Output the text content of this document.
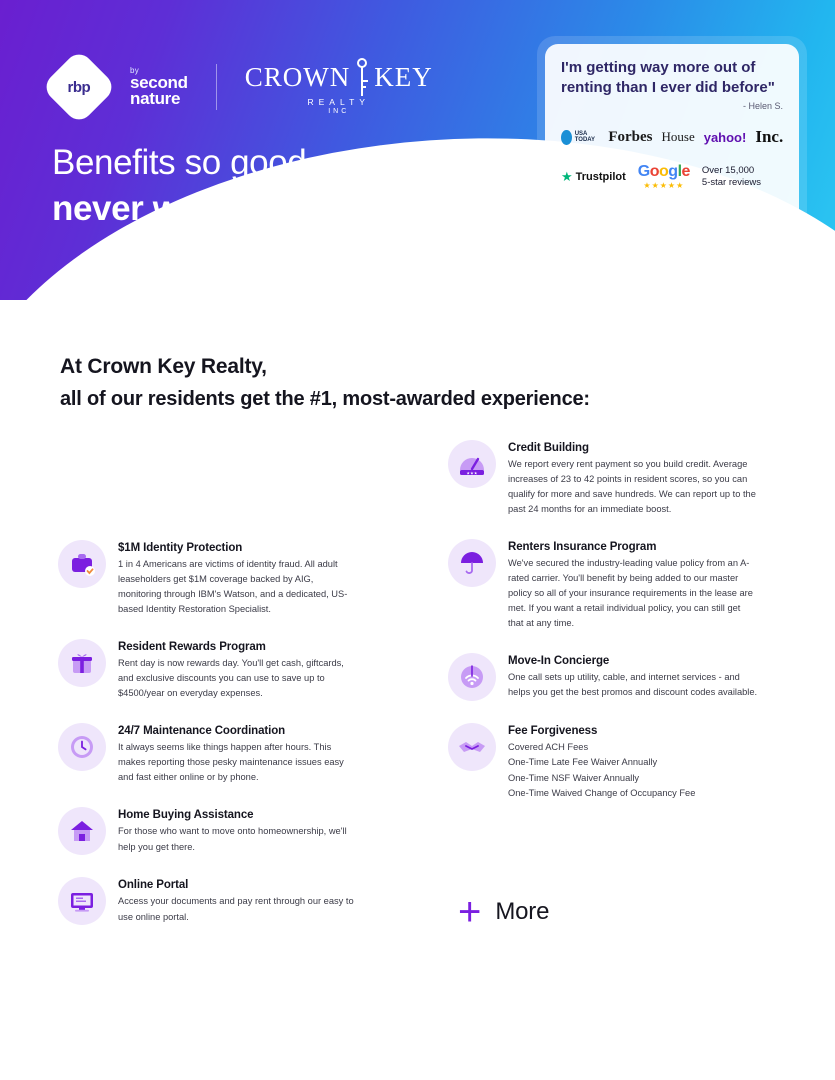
rbp
by
second
nature
CROWN KEY
REALTY
INC
Benefits so good, you may
never want to leave.
I'm getting way more out of renting than I ever did before"
- Helen S.
USA TODAY Forbes House yahoo! Inc.
★ Trustpilot Google
★★★★★
Over 15,000
5-star reviews
At Crown Key Realty,
all of our residents get the #1, most-awarded experience:
$1M Identity Protection
1 in 4 Americans are victims of identity fraud. All adult leaseholders get $1M coverage backed by AIG, monitoring through IBM's Watson, and a dedicated, US-based Identity Restoration Specialist.
Resident Rewards Program
Rent day is now rewards day. You'll get cash, giftcards, and exclusive discounts you can use to save up to $4500/year on everyday expenses.
24/7 Maintenance Coordination
It always seems like things happen after hours. This makes reporting those pesky maintenance issues easy and fast either online or by phone.
Home Buying Assistance
For those who want to move onto homeownership, we'll help you get there.
Online Portal
Access your documents and pay rent through our easy to use online portal.
★★★
Credit Building
We report every rent payment so you build credit. Average increases of 23 to 42 points in resident scores, so you can qualify for more and save hundreds. We can report up to the past 24 months for an immediate boost.
Renters Insurance Program
We've secured the industry-leading value policy from an A-rated carrier. You'll benefit by being added to our master policy so all of your insurance requirements in the lease are met. If you want a retail individual policy, you can still get that at any time.
Move-In Concierge
One call sets up utility, cable, and internet services - and helps you get the best promos and discount codes available.
Fee Forgiveness
Covered ACH Fees
One-Time Late Fee Waiver Annually
One-Time NSF Waiver Annually
One-Time Waived Change of Occupancy Fee
+ More
